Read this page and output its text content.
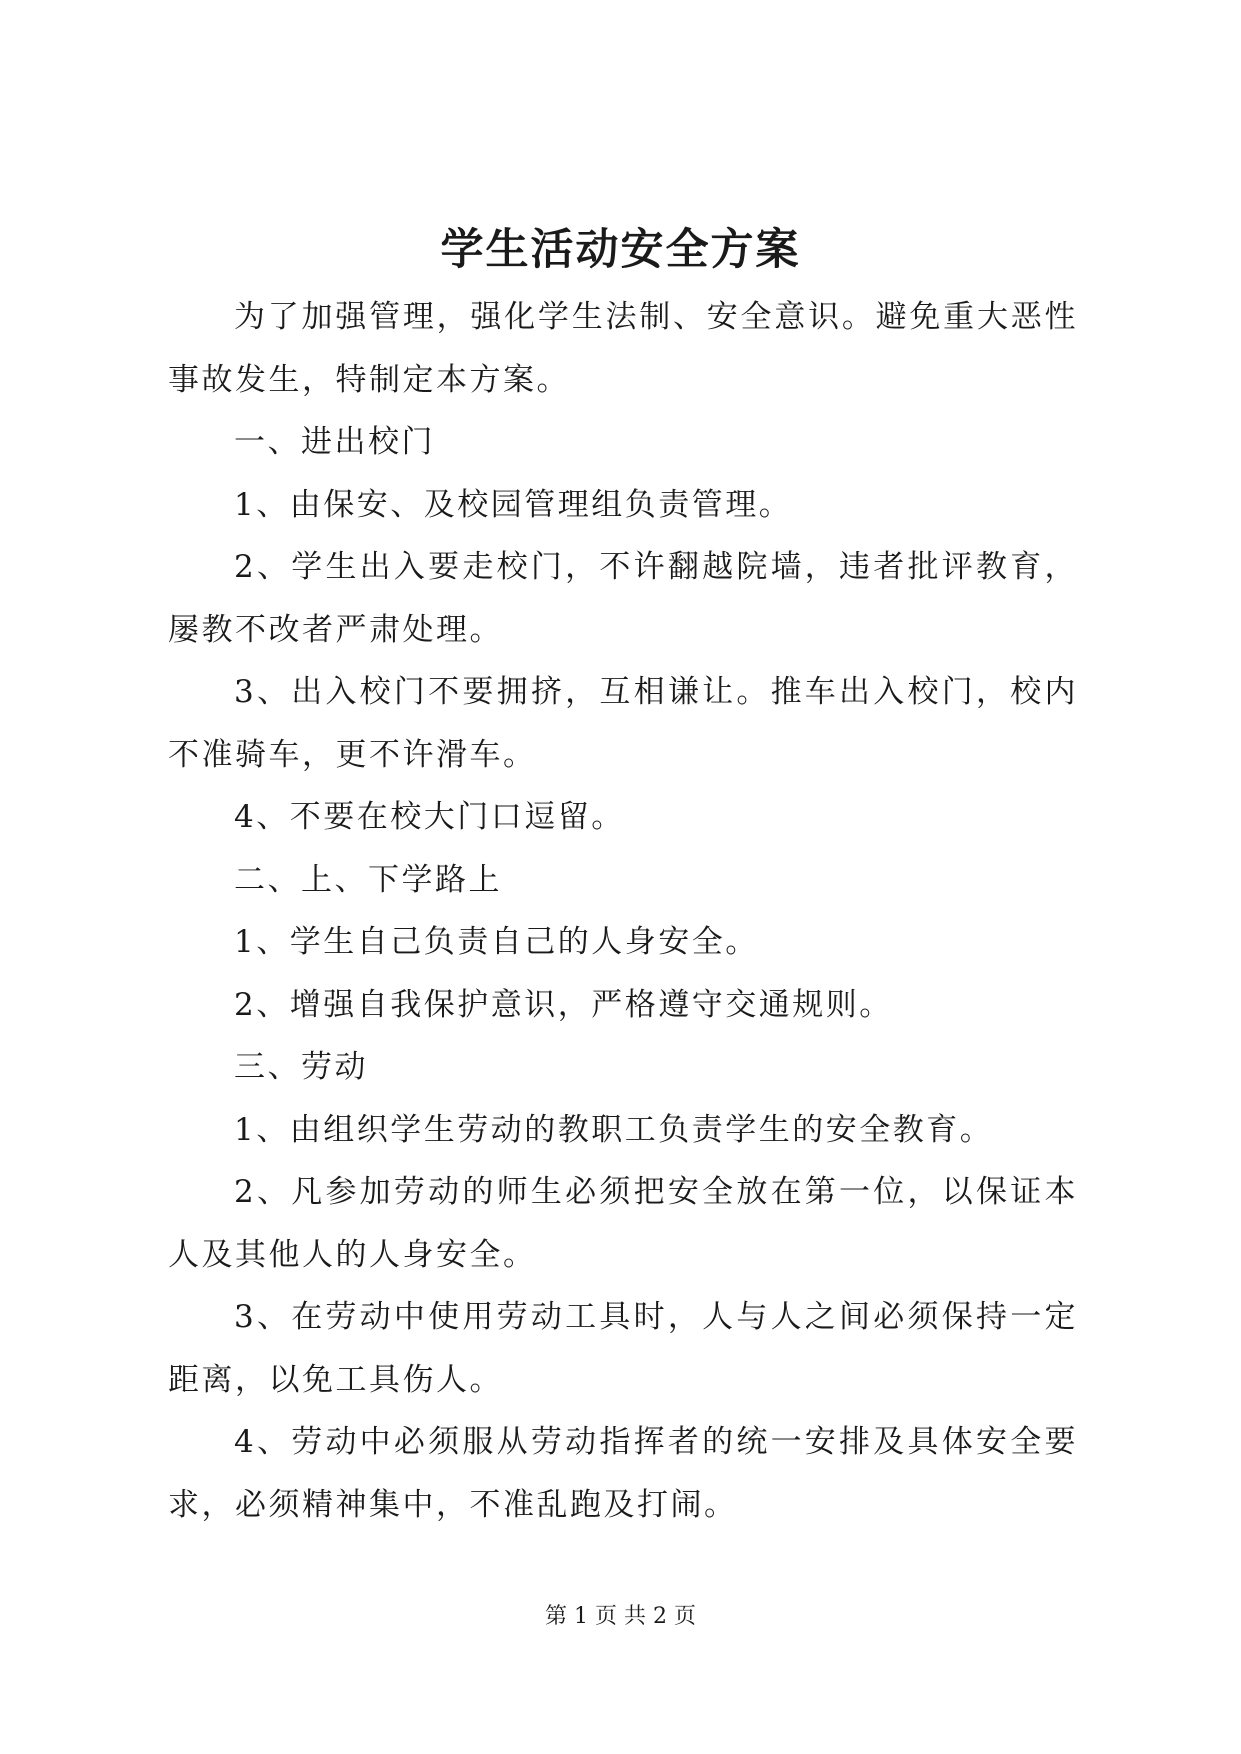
学生活动安全方案

为了加强管理，强化学生法制、安全意识。避免重大恶性事故发生，特制定本方案。

一、进出校门

1、由保安、及校园管理组负责管理。

2、学生出入要走校门，不许翻越院墙，违者批评教育，屡教不改者严肃处理。

3、出入校门不要拥挤，互相谦让。推车出入校门，校内不准骑车，更不许滑车。

4、不要在校大门口逗留。

二、上、下学路上

1、学生自己负责自己的人身安全。

2、增强自我保护意识，严格遵守交通规则。

三、劳动

1、由组织学生劳动的教职工负责学生的安全教育。

2、凡参加劳动的师生必须把安全放在第一位，以保证本人及其他人的人身安全。

3、在劳动中使用劳动工具时，人与人之间必须保持一定距离，以免工具伤人。

4、劳动中必须服从劳动指挥者的统一安排及具体安全要求，必须精神集中，不准乱跑及打闹。

第 1 页 共 2 页
